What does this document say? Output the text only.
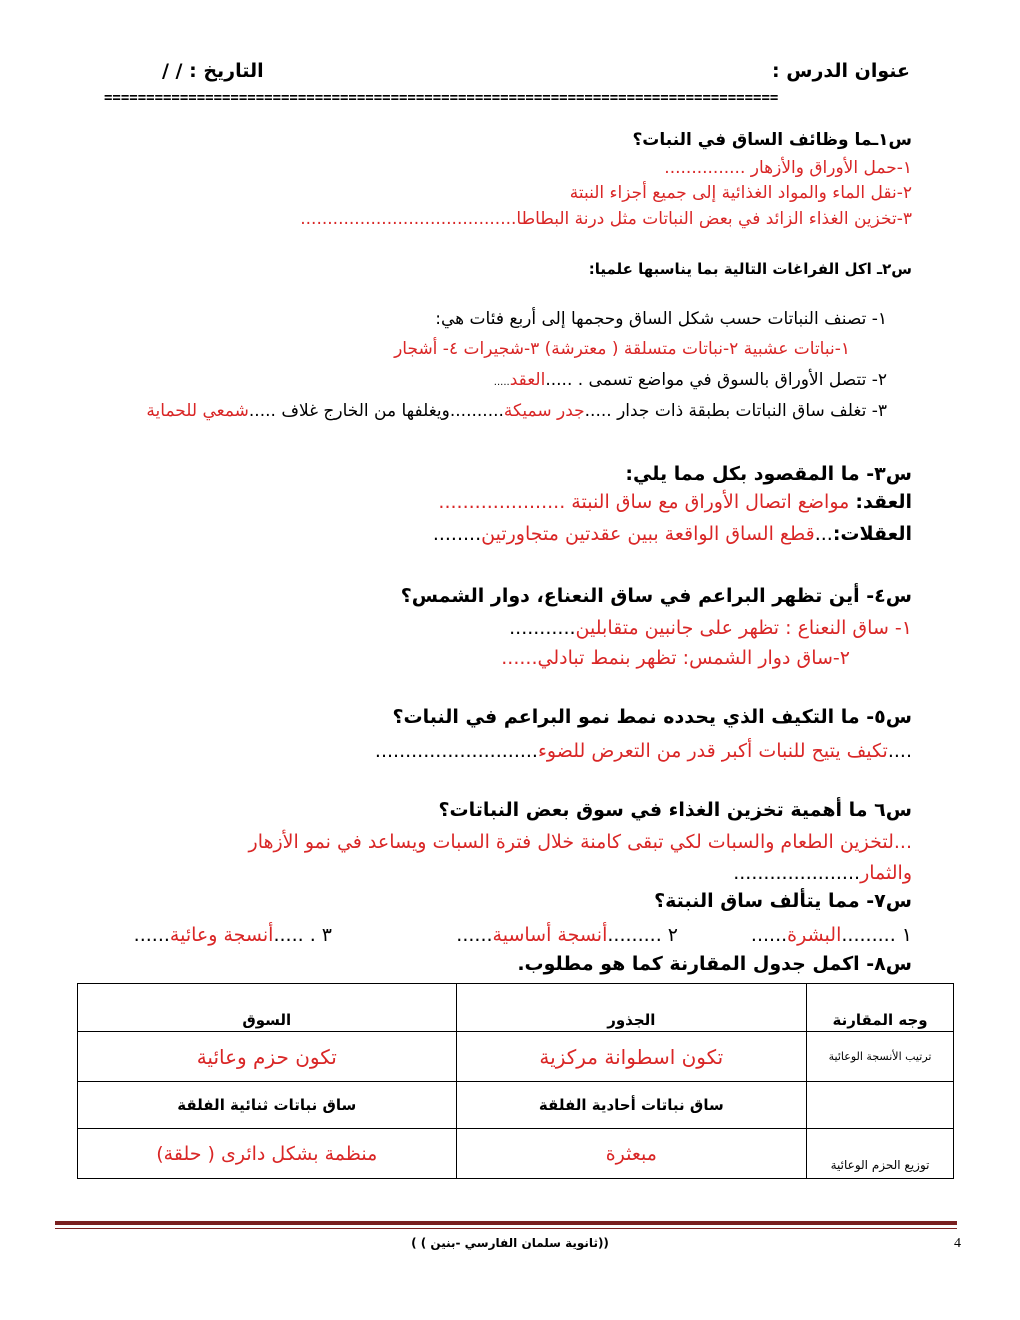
عنوان الدرس :
التاريخ : / /
================================================================================
س١ـما وظائف الساق في النبات؟
١-حمل الأوراق والأزهار ...............
٢-نقل الماء والمواد الغذائية إلى جميع أجزاء النبتة
٣-تخزين الغذاء الزائد في بعض النباتات مثل درنة البطاطا........................................
س٢ـ اكل الفراغات التالية بما يناسبها علميا:
١- تصنف النباتات حسب شكل الساق وحجمها إلى أربع فئات هي:
١-نباتات عشبية ٢-نباتات متسلقة ( معترشة) ٣-شجيرات ٤- أشجار
٢- تتصل الأوراق بالسوق في مواضع تسمى . .....العقد.....
٣- تغلف ساق النباتات بطبقة ذات جدار .....جدر سميكة..........ويغلفها من الخارج غلاف .....شمعي للحماية
س٣- ما المقصود بكل مما يلي:
العقد: مواضع اتصال الأوراق مع ساق النبتة .....................
العقلات:...قطع الساق الواقعة ببين عقدتين متجاورتين........
س٤- أين تظهر البراعم في ساق النعناع، دوار الشمس؟
١- ساق النعناع : تظهر على جانبين متقابلين...........
٢-ساق دوار الشمس: تظهر بنمط تبادلي......
س٥- ما التكيف الذي يحدده نمط نمو البراعم في النبات؟
....تكيف يتيح للنبات أكبر قدر من التعرض للضوء...........................
س٦ ما أهمية تخزين الغذاء في سوق بعض النباتات؟
...لتخزين الطعام والسبات لكي تبقى كامنة خلال فترة السبات ويساعد في نمو الأزهار
والثمار.....................
س٧- مما يتألف ساق النبتة؟
١ .........البشرة......
٢ .........أنسجة أساسية......
٣ . .....أنسجة وعائية......
س٨- اكمل جدول المقارنة كما هو مطلوب.
وجه المقارنة	الجذور	السوق
ترتيب الأنسجة الوعائية	تكون اسطوانة مركزية	تكون حزم وعائية
	ساق نباتات أحادية الفلقة	ساق نباتات ثنائية الفلقة
توزيع الحزم الوعائية	مبعثرة	منظمة بشكل دائرى ( حلقة)
((ثانوية سلمان الفارسي -بنين ) )	4
